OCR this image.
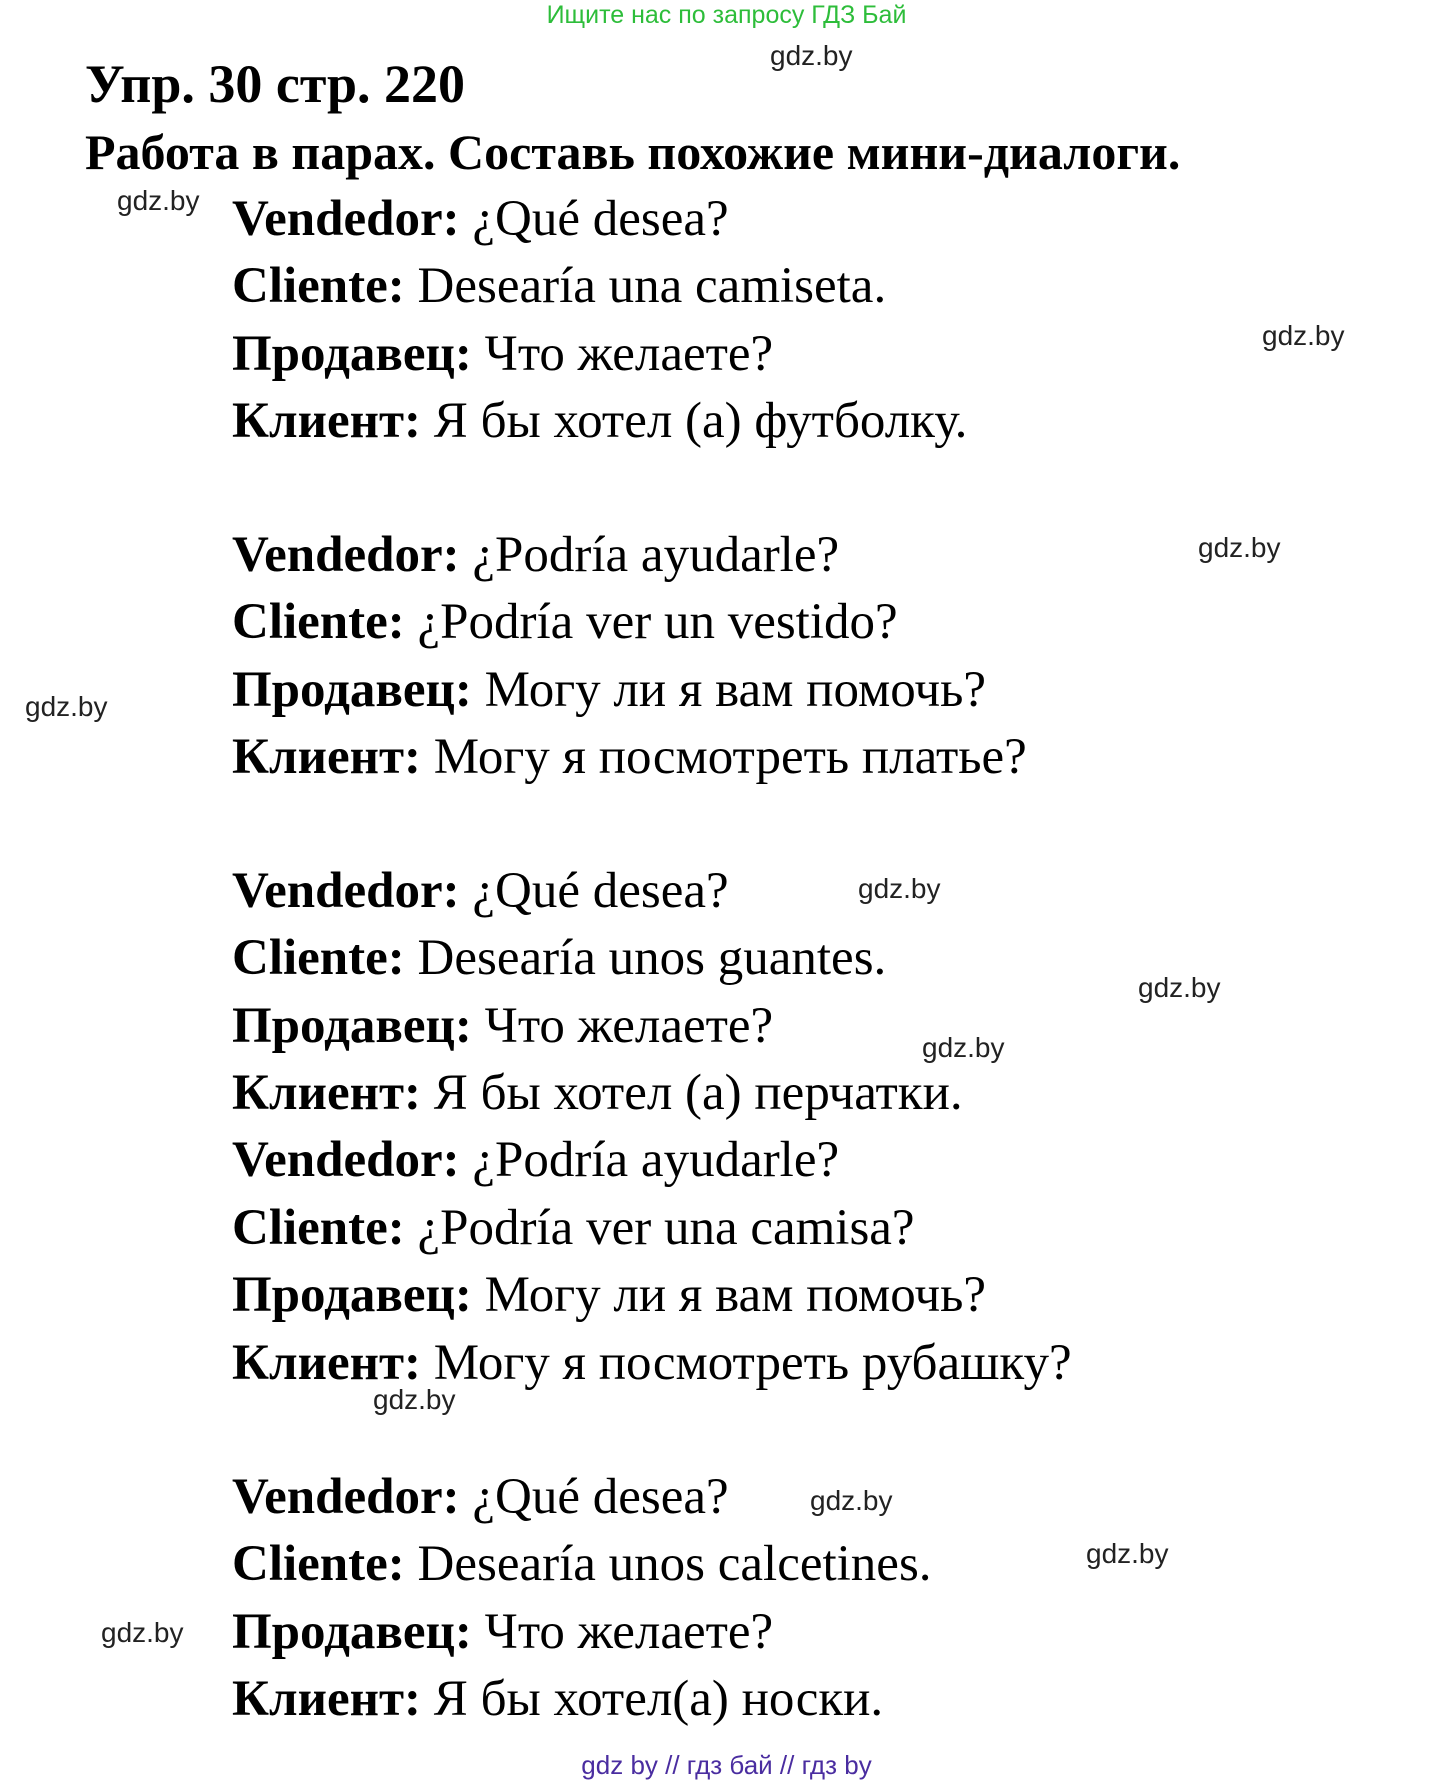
Ищите нас по запросу ГДЗ Бай
Упр. 30 стр. 220
Работа в парах. Составь похожие мини-диалоги.
Vendedor: ¿Qué desea?
Cliente: Desearía una camiseta.
Продавец: Что желаете?
Клиент: Я бы хотел (а) футболку.
Vendedor: ¿Podría ayudarle?
Cliente: ¿Podría ver un vestido?
Продавец: Могу ли я вам помочь?
Клиент: Могу я посмотреть платье?
Vendedor: ¿Qué desea?
Cliente: Desearía unos guantes.
Продавец: Что желаете?
Клиент: Я бы хотел (а) перчатки.
Vendedor: ¿Podría ayudarle?
Cliente: ¿Podría ver una camisa?
Продавец: Могу ли я вам помочь?
Клиент: Могу я посмотреть рубашку?
Vendedor: ¿Qué desea?
Cliente: Desearía unos calcetines.
Продавец: Что желаете?
Клиент: Я бы хотел(а) носки.
gdz.by
gdz.by
gdz.by
gdz.by
gdz.by
gdz.by
gdz.by
gdz.by
gdz.by
gdz.by
gdz.by
gdz.by
gdz by // гдз бай // гдз by
